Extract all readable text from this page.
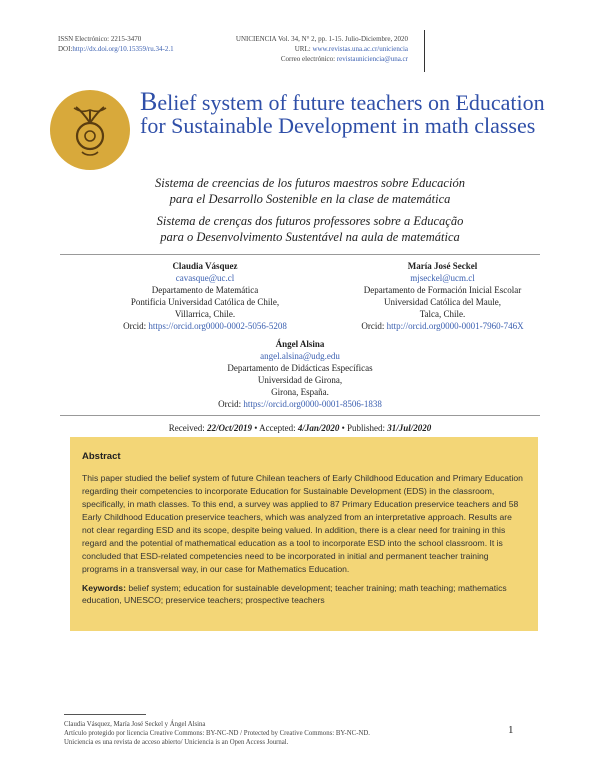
ISSN Electrónico: 2215-3470
DOI:http://dx.doi.org/10.15359/ru.34-2.1
UNICIENCIA Vol. 34, N° 2, pp. 1-15. Julio-Diciembre, 2020
URL: www.revistas.una.ac.cr/uniciencia
Correo electrónico: revistauniciencia@una.cr
Belief system of future teachers on Education for Sustainable Development in math classes
Sistema de creencias de los futuros maestros sobre Educación para el Desarrollo Sostenible en la clase de matemática
Sistema de crenças dos futuros professores sobre a Educação para o Desenvolvimento Sustentável na aula de matemática
Claudia Vásquez
cavasque@uc.cl
Departamento de Matemática
Pontificia Universidad Católica de Chile,
Villarrica, Chile.
Orcid: https://orcid.org0000-0002-5056-5208
María José Seckel
mjseckel@ucm.cl
Departamento de Formación Inicial Escolar
Universidad Católica del Maule,
Talca, Chile.
Orcid: http://orcid.org0000-0001-7960-746X
Ángel Alsina
angel.alsina@udg.edu
Departamento de Didácticas Específicas
Universidad de Girona,
Girona, España.
Orcid: https://orcid.org0000-0001-8506-1838
Received: 22/Oct/2019 • Accepted: 4/Jan/2020 • Published: 31/Jul/2020
Abstract
This paper studied the belief system of future Chilean teachers of Early Childhood Education and Primary Education regarding their competencies to incorporate Education for Sustainable Development (EDS) in the classroom, specifically, in math classes. To this end, a survey was applied to 87 Primary Education preservice teachers and 58 Early Childhood Education preservice teachers, which was analyzed from an interpretative approach. Results are not clear regarding ESD and its scope, despite being valued. In addition, there is a clear need for training in this regard and the potential of mathematical education as a tool to incorporate ESD into the school classroom. It is concluded that ESD-related competencies need to be incorporated in initial and permanent teacher training programs in a transversal way, in our case for Mathematics Education.
Keywords: belief system; education for sustainable development; teacher training; math teaching; mathematics education, UNESCO; preservice teachers; prospective teachers
Claudia Vásquez, María José Seckel y Ángel Alsina
Artículo protegido por licencia Creative Commons: BY-NC-ND / Protected by Creative Commons: BY-NC-ND.
Uniciencia es una revista de acceso abierto/ Uniciencia is an Open Access Journal.
1
